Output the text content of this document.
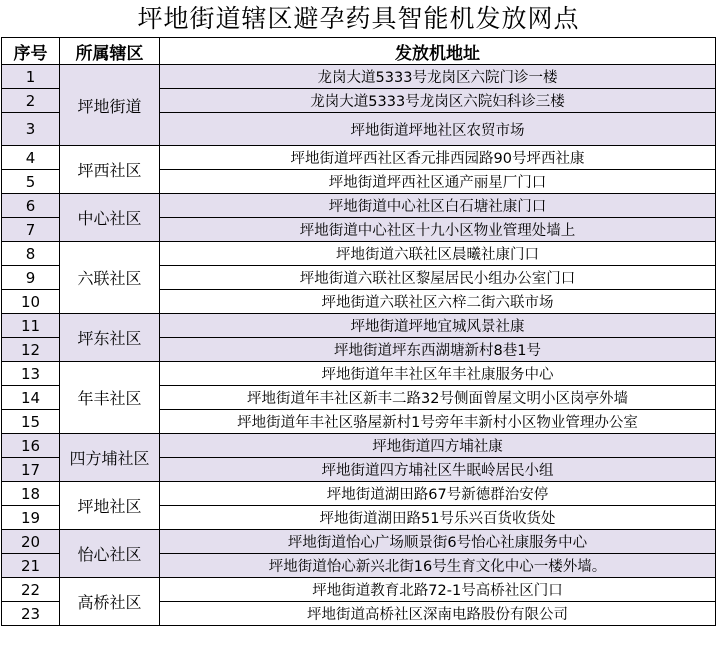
坪地街道辖区避孕药具智能机发放网点
序号	所属辖区	发放机地址
1	坪地街道	龙岗大道5333号龙岗区六院门诊一楼
2		龙岗大道5333号龙岗区六院妇科诊三楼
3		坪地街道坪地社区农贸市场
4	坪西社区	坪地街道坪西社区香元排西园路90号坪西社康
5		坪地街道坪西社区通产丽星厂门口
6	中心社区	坪地街道中心社区白石塘社康门口
7		坪地街道中心社区十九小区物业管理处墙上
8	六联社区	坪地街道六联社区晨曦社康门口
9		坪地街道六联社区黎屋居民小组办公室门口
10		坪地街道六联社区六梓二街六联市场
11	坪东社区	坪地街道坪地宜城风景社康
12		坪地街道坪东西湖塘新村8巷1号
13	年丰社区	坪地街道年丰社区年丰社康服务中心
14		坪地街道年丰社区新丰二路32号侧面曾屋文明小区岗亭外墙
15		坪地街道年丰社区骆屋新村1号旁年丰新村小区物业管理办公室
16	四方埔社区	坪地街道四方埔社康
17		坪地街道四方埔社区牛眠岭居民小组
18	坪地社区	坪地街道湖田路67号新德群治安停
19		坪地街道湖田路51号乐兴百货收货处
20	怡心社区	坪地街道怡心广场顺景街6号怡心社康服务中心
21		坪地街道怡心新兴北街16号生育文化中心一楼外墙。
22	高桥社区	坪地街道教育北路72-1号高桥社区门口
23		坪地街道高桥社区深南电路股份有限公司
